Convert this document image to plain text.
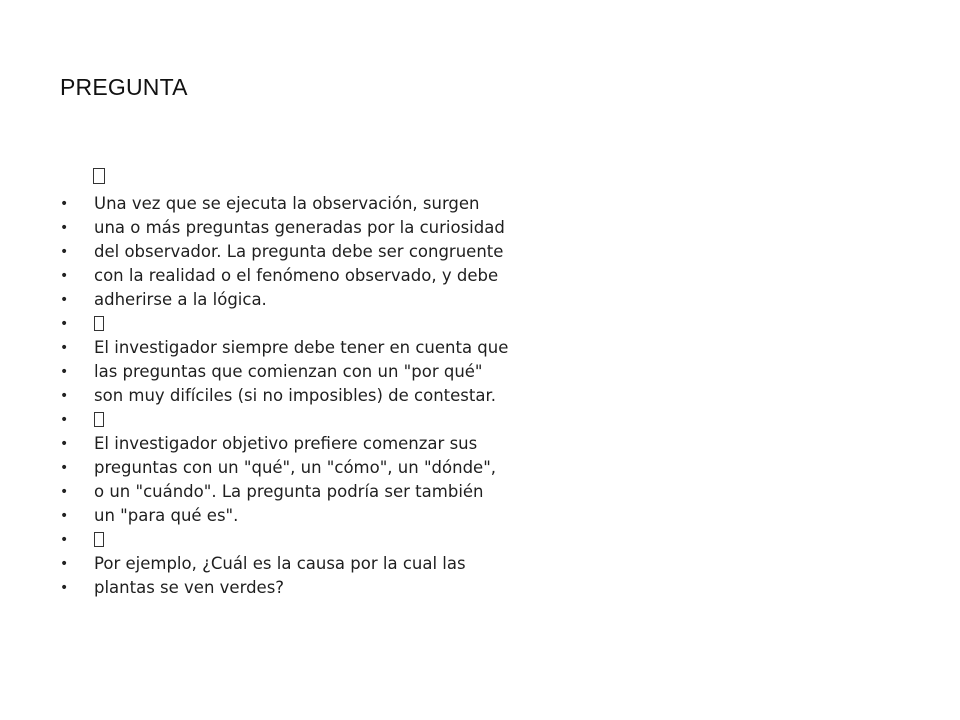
PREGUNTA
•	Una vez que se ejecuta la observación, surgen
•	una o más preguntas generadas por la curiosidad
•	del observador. La pregunta debe ser congruente
•	con la realidad o el fenómeno observado, y debe
•	adherirse a la lógica.
•
•	El investigador siempre debe tener en cuenta que
•	las preguntas que comienzan con un "por qué"
•	son muy difíciles (si no imposibles) de contestar.
•
•	El investigador objetivo prefiere comenzar sus
•	preguntas con un "qué", un "cómo", un "dónde",
•	o un "cuándo". La pregunta podría ser también
•	un "para qué es".
•
•	Por ejemplo, ¿Cuál es la causa por la cual las
•	plantas se ven verdes?
